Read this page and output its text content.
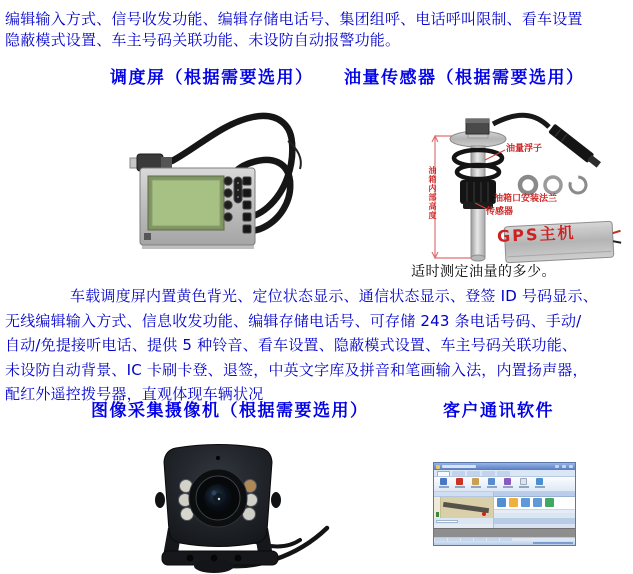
编辑输入方式、信号收发功能、编辑存储电话号、集团组呼、电话呼叫限制、看车设置
隐蔽模式设置、车主号码关联功能、未设防自动报警功能。
调度屏（根据需要选用） 油量传感器（根据需要选用）
油量浮子
油箱口安装法兰
传感器
油箱内部高度
GPS主机
适时测定油量的多少。
车载调度屏内置黄色背光、定位状态显示、通信状态显示、登签 ID 号码显示、
无线编辑输入方式、信息收发功能、编辑存储电话号、可存储 243 条电话号码、手动/
自动/免提接听电话、提供 5 种铃音、看车设置、隐蔽模式设置、车主号码关联功能、
未设防自动背景、IC 卡刷卡登、退签，中英文字库及拼音和笔画输入法，内置扬声器，
配红外遥控拨号器，直观体现车辆状况
图像采集摄像机（根据需要选用）	客户通讯软件
